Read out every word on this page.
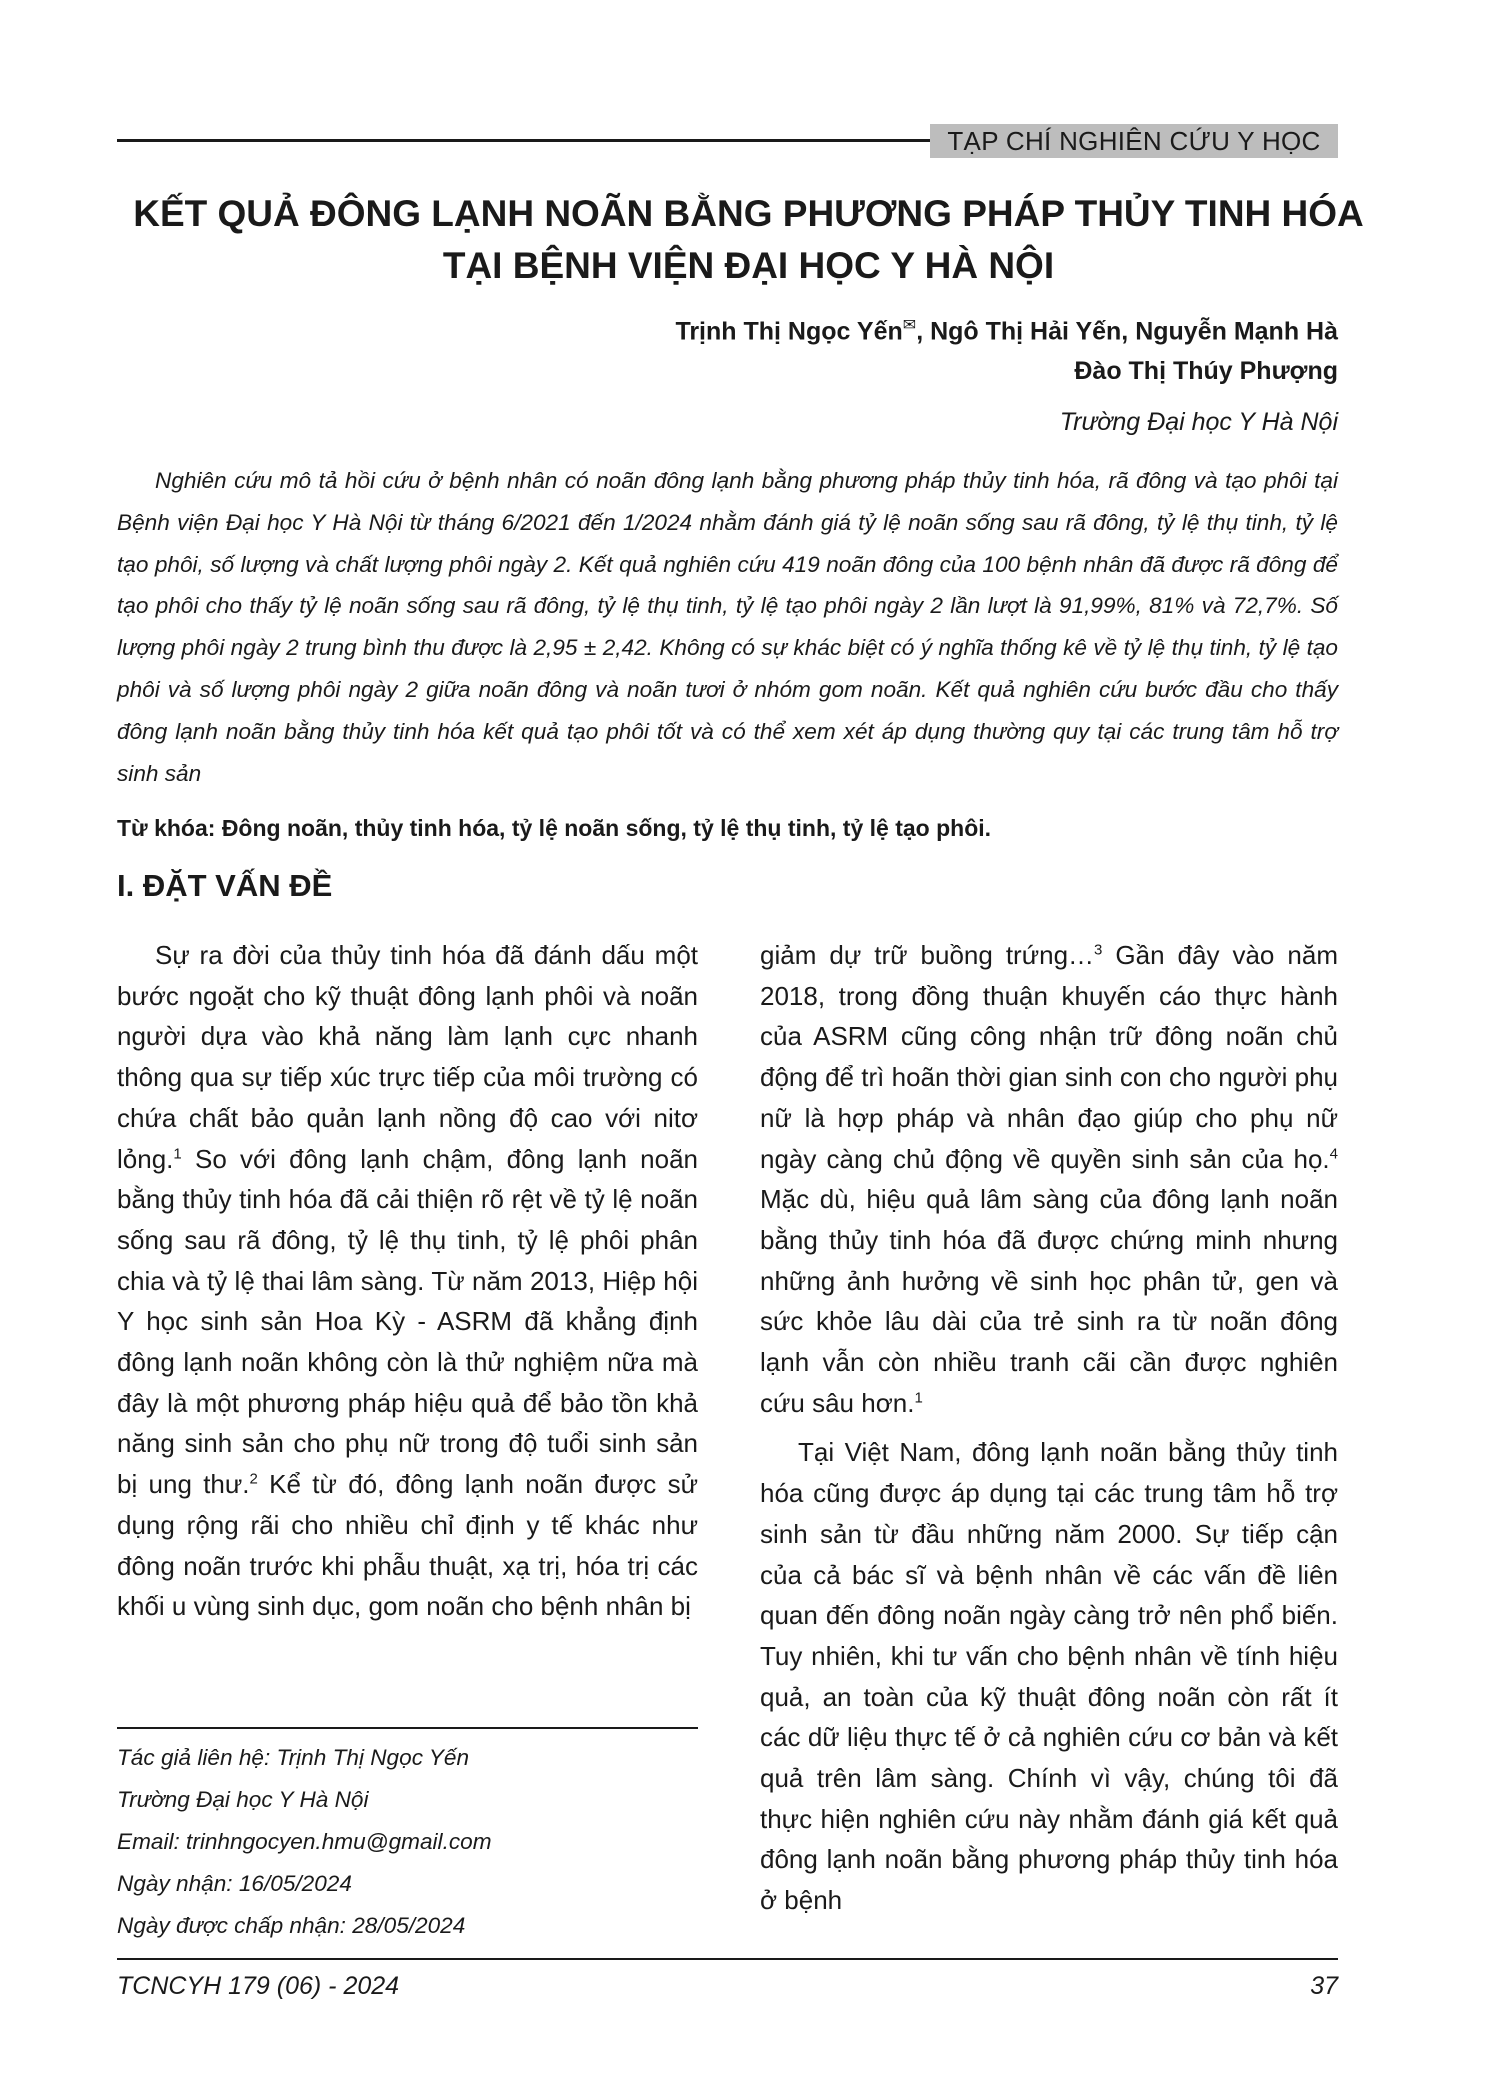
TẠP CHÍ NGHIÊN CỨU Y HỌC
KẾT QUẢ ĐÔNG LẠNH NOÃN BẰNG PHƯƠNG PHÁP THỦY TINH HÓA
TẠI BỆNH VIỆN ĐẠI HỌC Y HÀ NỘI
Trịnh Thị Ngọc Yến✉, Ngô Thị Hải Yến, Nguyễn Mạnh Hà
Đào Thị Thúy Phượng
Trường Đại học Y Hà Nội
Nghiên cứu mô tả hồi cứu ở bệnh nhân có noãn đông lạnh bằng phương pháp thủy tinh hóa, rã đông và tạo phôi tại Bệnh viện Đại học Y Hà Nội từ tháng 6/2021 đến 1/2024 nhằm đánh giá tỷ lệ noãn sống sau rã đông, tỷ lệ thụ tinh, tỷ lệ tạo phôi, số lượng và chất lượng phôi ngày 2. Kết quả nghiên cứu 419 noãn đông của 100 bệnh nhân đã được rã đông để tạo phôi cho thấy tỷ lệ noãn sống sau rã đông, tỷ lệ thụ tinh, tỷ lệ tạo phôi ngày 2 lần lượt là 91,99%, 81% và 72,7%. Số lượng phôi ngày 2 trung bình thu được là 2,95 ± 2,42. Không có sự khác biệt có ý nghĩa thống kê về tỷ lệ thụ tinh, tỷ lệ tạo phôi và số lượng phôi ngày 2 giữa noãn đông và noãn tươi ở nhóm gom noãn. Kết quả nghiên cứu bước đầu cho thấy đông lạnh noãn bằng thủy tinh hóa kết quả tạo phôi tốt và có thể xem xét áp dụng thường quy tại các trung tâm hỗ trợ sinh sản
Từ khóa: Đông noãn, thủy tinh hóa, tỷ lệ noãn sống, tỷ lệ thụ tinh, tỷ lệ tạo phôi.
I. ĐẶT VẤN ĐỀ

Sự ra đời của thủy tinh hóa đã đánh dấu một bước ngoặt cho kỹ thuật đông lạnh phôi và noãn người dựa vào khả năng làm lạnh cực nhanh thông qua sự tiếp xúc trực tiếp của môi trường có chứa chất bảo quản lạnh nồng độ cao với nitơ lỏng.$^1$ So với đông lạnh chậm, đông lạnh noãn bằng thủy tinh hóa đã cải thiện rõ rệt về tỷ lệ noãn sống sau rã đông, tỷ lệ thụ tinh, tỷ lệ phôi phân chia và tỷ lệ thai lâm sàng. Từ năm 2013, Hiệp hội Y học sinh sản Hoa Kỳ - ASRM đã khẳng định đông lạnh noãn không còn là thử nghiệm nữa mà đây là một phương pháp hiệu quả để bảo tồn khả năng sinh sản cho phụ nữ trong độ tuổi sinh sản bị ung thư.$^2$ Kể từ đó, đông lạnh noãn được sử dụng rộng rãi cho nhiều chỉ định y tế khác như đông noãn trước khi phẫu thuật, xạ trị, hóa trị các khối u vùng sinh dục, gom noãn cho bệnh nhân bị

giảm dự trữ buồng trứng…$^3$ Gần đây vào năm 2018, trong đồng thuận khuyến cáo thực hành của ASRM cũng công nhận trữ đông noãn chủ động để trì hoãn thời gian sinh con cho người phụ nữ là hợp pháp và nhân đạo giúp cho phụ nữ ngày càng chủ động về quyền sinh sản của họ.$^4$ Mặc dù, hiệu quả lâm sàng của đông lạnh noãn bằng thủy tinh hóa đã được chứng minh nhưng những ảnh hưởng về sinh học phân tử, gen và sức khỏe lâu dài của trẻ sinh ra từ noãn đông lạnh vẫn còn nhiều tranh cãi cần được nghiên cứu sâu hơn.$^1$

Tại Việt Nam, đông lạnh noãn bằng thủy tinh hóa cũng được áp dụng tại các trung tâm hỗ trợ sinh sản từ đầu những năm 2000. Sự tiếp cận của cả bác sĩ và bệnh nhân về các vấn đề liên quan đến đông noãn ngày càng trở nên phổ biến. Tuy nhiên, khi tư vấn cho bệnh nhân về tính hiệu quả, an toàn của kỹ thuật đông noãn còn rất ít các dữ liệu thực tế ở cả nghiên cứu cơ bản và kết quả trên lâm sàng. Chính vì vậy, chúng tôi đã thực hiện nghiên cứu này nhằm đánh giá kết quả đông lạnh noãn bằng phương pháp thủy tinh hóa ở bệnh

Tác giả liên hệ: Trịnh Thị Ngọc Yến
Trường Đại học Y Hà Nội
Email: trinhngocyen.hmu@gmail.com
Ngày nhận: 16/05/2024
Ngày được chấp nhận: 28/05/2024
TCNCYH 179 (06) - 2024	37
